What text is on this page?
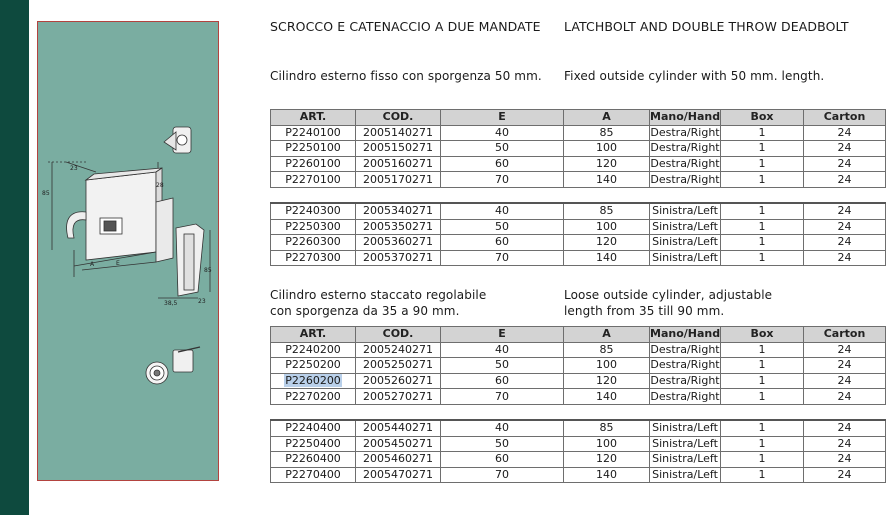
85
23
28
A	E
85
38,5	23
SCROCCO E CATENACCIO A DUE MANDATE LATCHBOLT AND DOUBLE THROW DEADBOLT
Cilindro esterno fisso con sporgenza 50 mm. Fixed outside cylinder with 50 mm. length.
ART.	COD.	E	A	Mano/Hand	Box	Carton
P2240100	2005140271	40	85	Destra/Right	1	24
P2250100	2005150271	50	100	Destra/Right	1	24
P2260100	2005160271	60	120	Destra/Right	1	24
P2270100	2005170271	70	140	Destra/Right	1	24
P2240300	2005340271	40	85	Sinistra/Left	1	24
P2250300	2005350271	50	100	Sinistra/Left	1	24
P2260300	2005360271	60	120	Sinistra/Left	1	24
P2270300	2005370271	70	140	Sinistra/Left	1	24
Cilindro esterno staccato regolabile
con sporgenza da 35 a 90 mm.
Loose outside cylinder, adjustable
length from 35 till 90 mm.
ART.	COD.	E	A	Mano/Hand	Box	Carton
P2240200	2005240271	40	85	Destra/Right	1	24
P2250200	2005250271	50	100	Destra/Right	1	24
P2260200	2005260271	60	120	Destra/Right	1	24
P2270200	2005270271	70	140	Destra/Right	1	24
P2240400	2005440271	40	85	Sinistra/Left	1	24
P2250400	2005450271	50	100	Sinistra/Left	1	24
P2260400	2005460271	60	120	Sinistra/Left	1	24
P2270400	2005470271	70	140	Sinistra/Left	1	24
